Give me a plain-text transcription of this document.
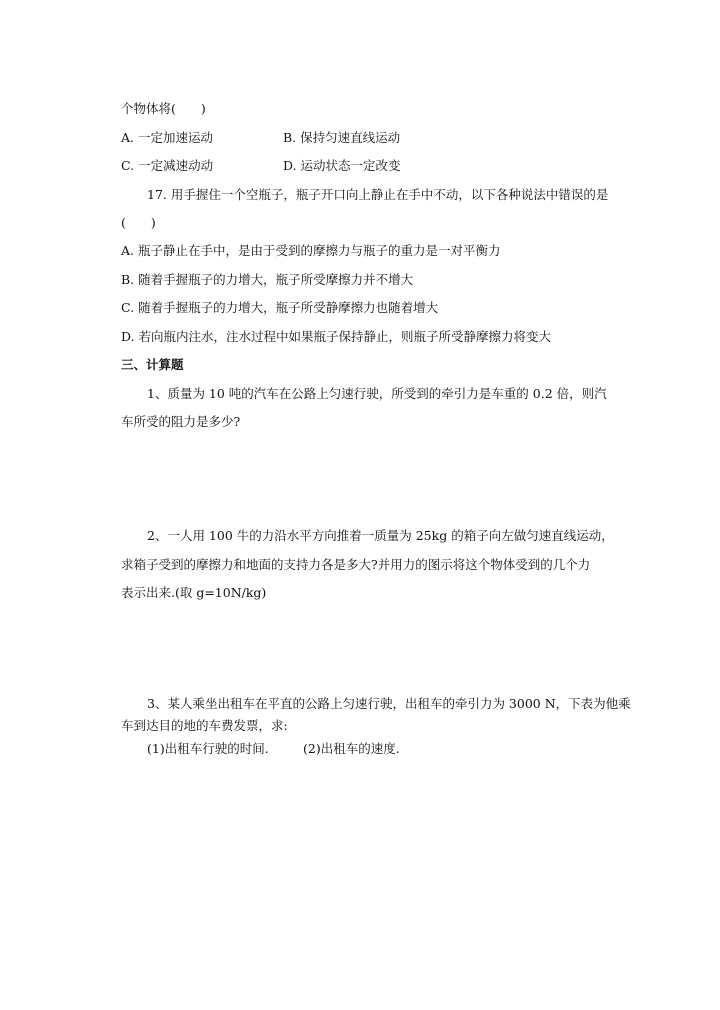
个物体将(　　)
A. 一定加速运动	B. 保持匀速直线运动
C. 一定减速动动	D. 运动状态一定改变
17. 用手握住一个空瓶子，瓶子开口向上静止在手中不动，以下各种说法中错误的是
(　　)
A. 瓶子静止在手中，是由于受到的摩擦力与瓶子的重力是一对平衡力
B. 随着手握瓶子的力增大，瓶子所受摩擦力并不增大
C. 随着手握瓶子的力增大，瓶子所受静摩擦力也随着增大
D. 若向瓶内注水，注水过程中如果瓶子保持静止，则瓶子所受静摩擦力将变大
三、计算题
1、质量为 10 吨的汽车在公路上匀速行驶，所受到的牵引力是车重的 0.2 倍，则汽
车所受的阻力是多少?
2、一人用 100 牛的力沿水平方向推着一质量为 25kg 的箱子向左做匀速直线运动，
求箱子受到的摩擦力和地面的支持力各是多大?并用力的图示将这个物体受到的几个力
表示出来.(取 g=10N/kg)
3、某人乘坐出租车在平直的公路上匀速行驶，出租车的牵引力为 3000 N，下表为他乘
车到达目的地的车费发票，求:
(1)出租车行驶的时间.	(2)出租车的速度.
